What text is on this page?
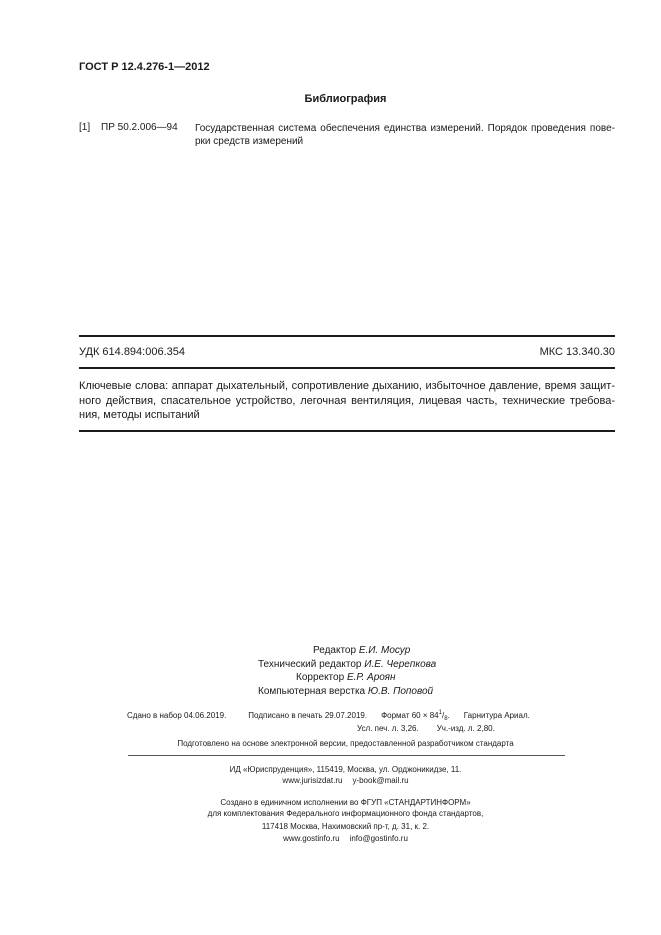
ГОСТ Р 12.4.276-1—2012
Библиография
[1] ПР 50.2.006—94 Государственная система обеспечения единства измерений. Порядок проведения пове-
рки средств измерений
УДК 614.894:006.354	МКС 13.340.30
Ключевые слова: аппарат дыхательный, сопротивление дыханию, избыточное давление, время защит-
ного действия, спасательное устройство, легочная вентиляция, лицевая часть, технические требова-
ния, методы испытаний
Редактор Е.И. Мосур
Технический редактор И.Е. Черепкова
Корректор Е.Р. Ароян
Компьютерная верстка Ю.В. Поповой
Сдано в набор 04.06.2019.	Подписано в печать 29.07.2019. Формат $60 \times 84^1/_8$. Гарнитура Ариал.
Усл. печ. л. 3,26. Уч.-изд. л. 2,80.
Подготовлено на основе электронной версии, предоставленной разработчиком стандарта
ИД «Юриспруденция», 115419, Москва, ул. Орджоникидзе, 11.
www.jurisizdat.ru y-book@mail.ru
Создано в единичном исполнении во ФГУП «СТАНДАРТИНФОРМ»
для комплектования Федерального информационного фонда стандартов,
117418 Москва, Нахимовский пр-т, д. 31, к. 2.
www.gostinfo.ru info@gostinfo.ru
